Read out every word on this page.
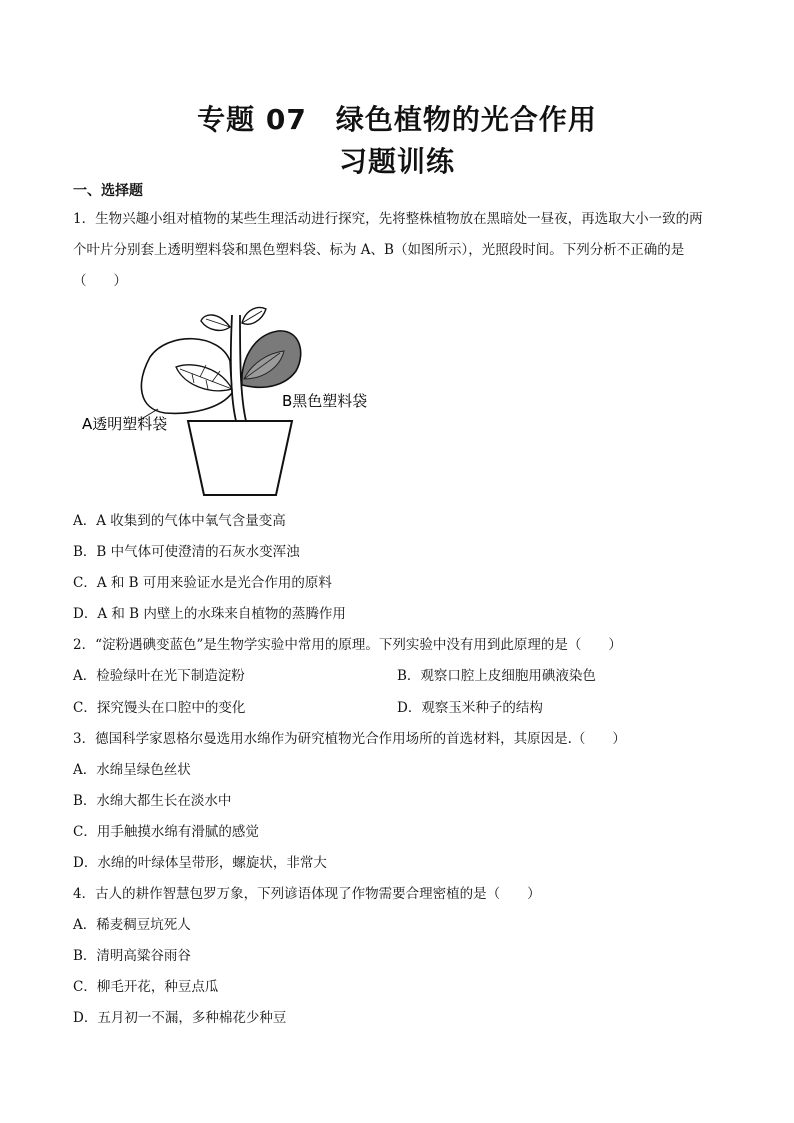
专题 07　绿色植物的光合作用
习题训练
一、选择题
1．生物兴趣小组对植物的某些生理活动进行探究，先将整株植物放在黑暗处一昼夜，再选取大小一致的两
个叶片分别套上透明塑料袋和黑色塑料袋、标为 A、B（如图所示），光照段时间。下列分析不正确的是
（　　）
A透明塑料袋
B黑色塑料袋
A．A 收集到的气体中氧气含量变高
B．B 中气体可使澄清的石灰水变浑浊
C．A 和 B 可用来验证水是光合作用的原料
D．A 和 B 内壁上的水珠来自植物的蒸腾作用
2．“淀粉遇碘变蓝色”是生物学实验中常用的原理。下列实验中没有用到此原理的是（　　）
A．检验绿叶在光下制造淀粉	B．观察口腔上皮细胞用碘液染色
C．探究馒头在口腔中的变化	D．观察玉米种子的结构
3．德国科学家恩格尔曼选用水绵作为研究植物光合作用场所的首选材料，其原因是.（　　）
A．水绵呈绿色丝状
B．水绵大都生长在淡水中
C．用手触摸水绵有滑腻的感觉
D．水绵的叶绿体呈带形，螺旋状，非常大
4．古人的耕作智慧包罗万象，下列谚语体现了作物需要合理密植的是（　　）
A．稀麦稠豆坑死人
B．清明高粱谷雨谷
C．柳毛开花，种豆点瓜
D．五月初一不漏，多种棉花少种豆
